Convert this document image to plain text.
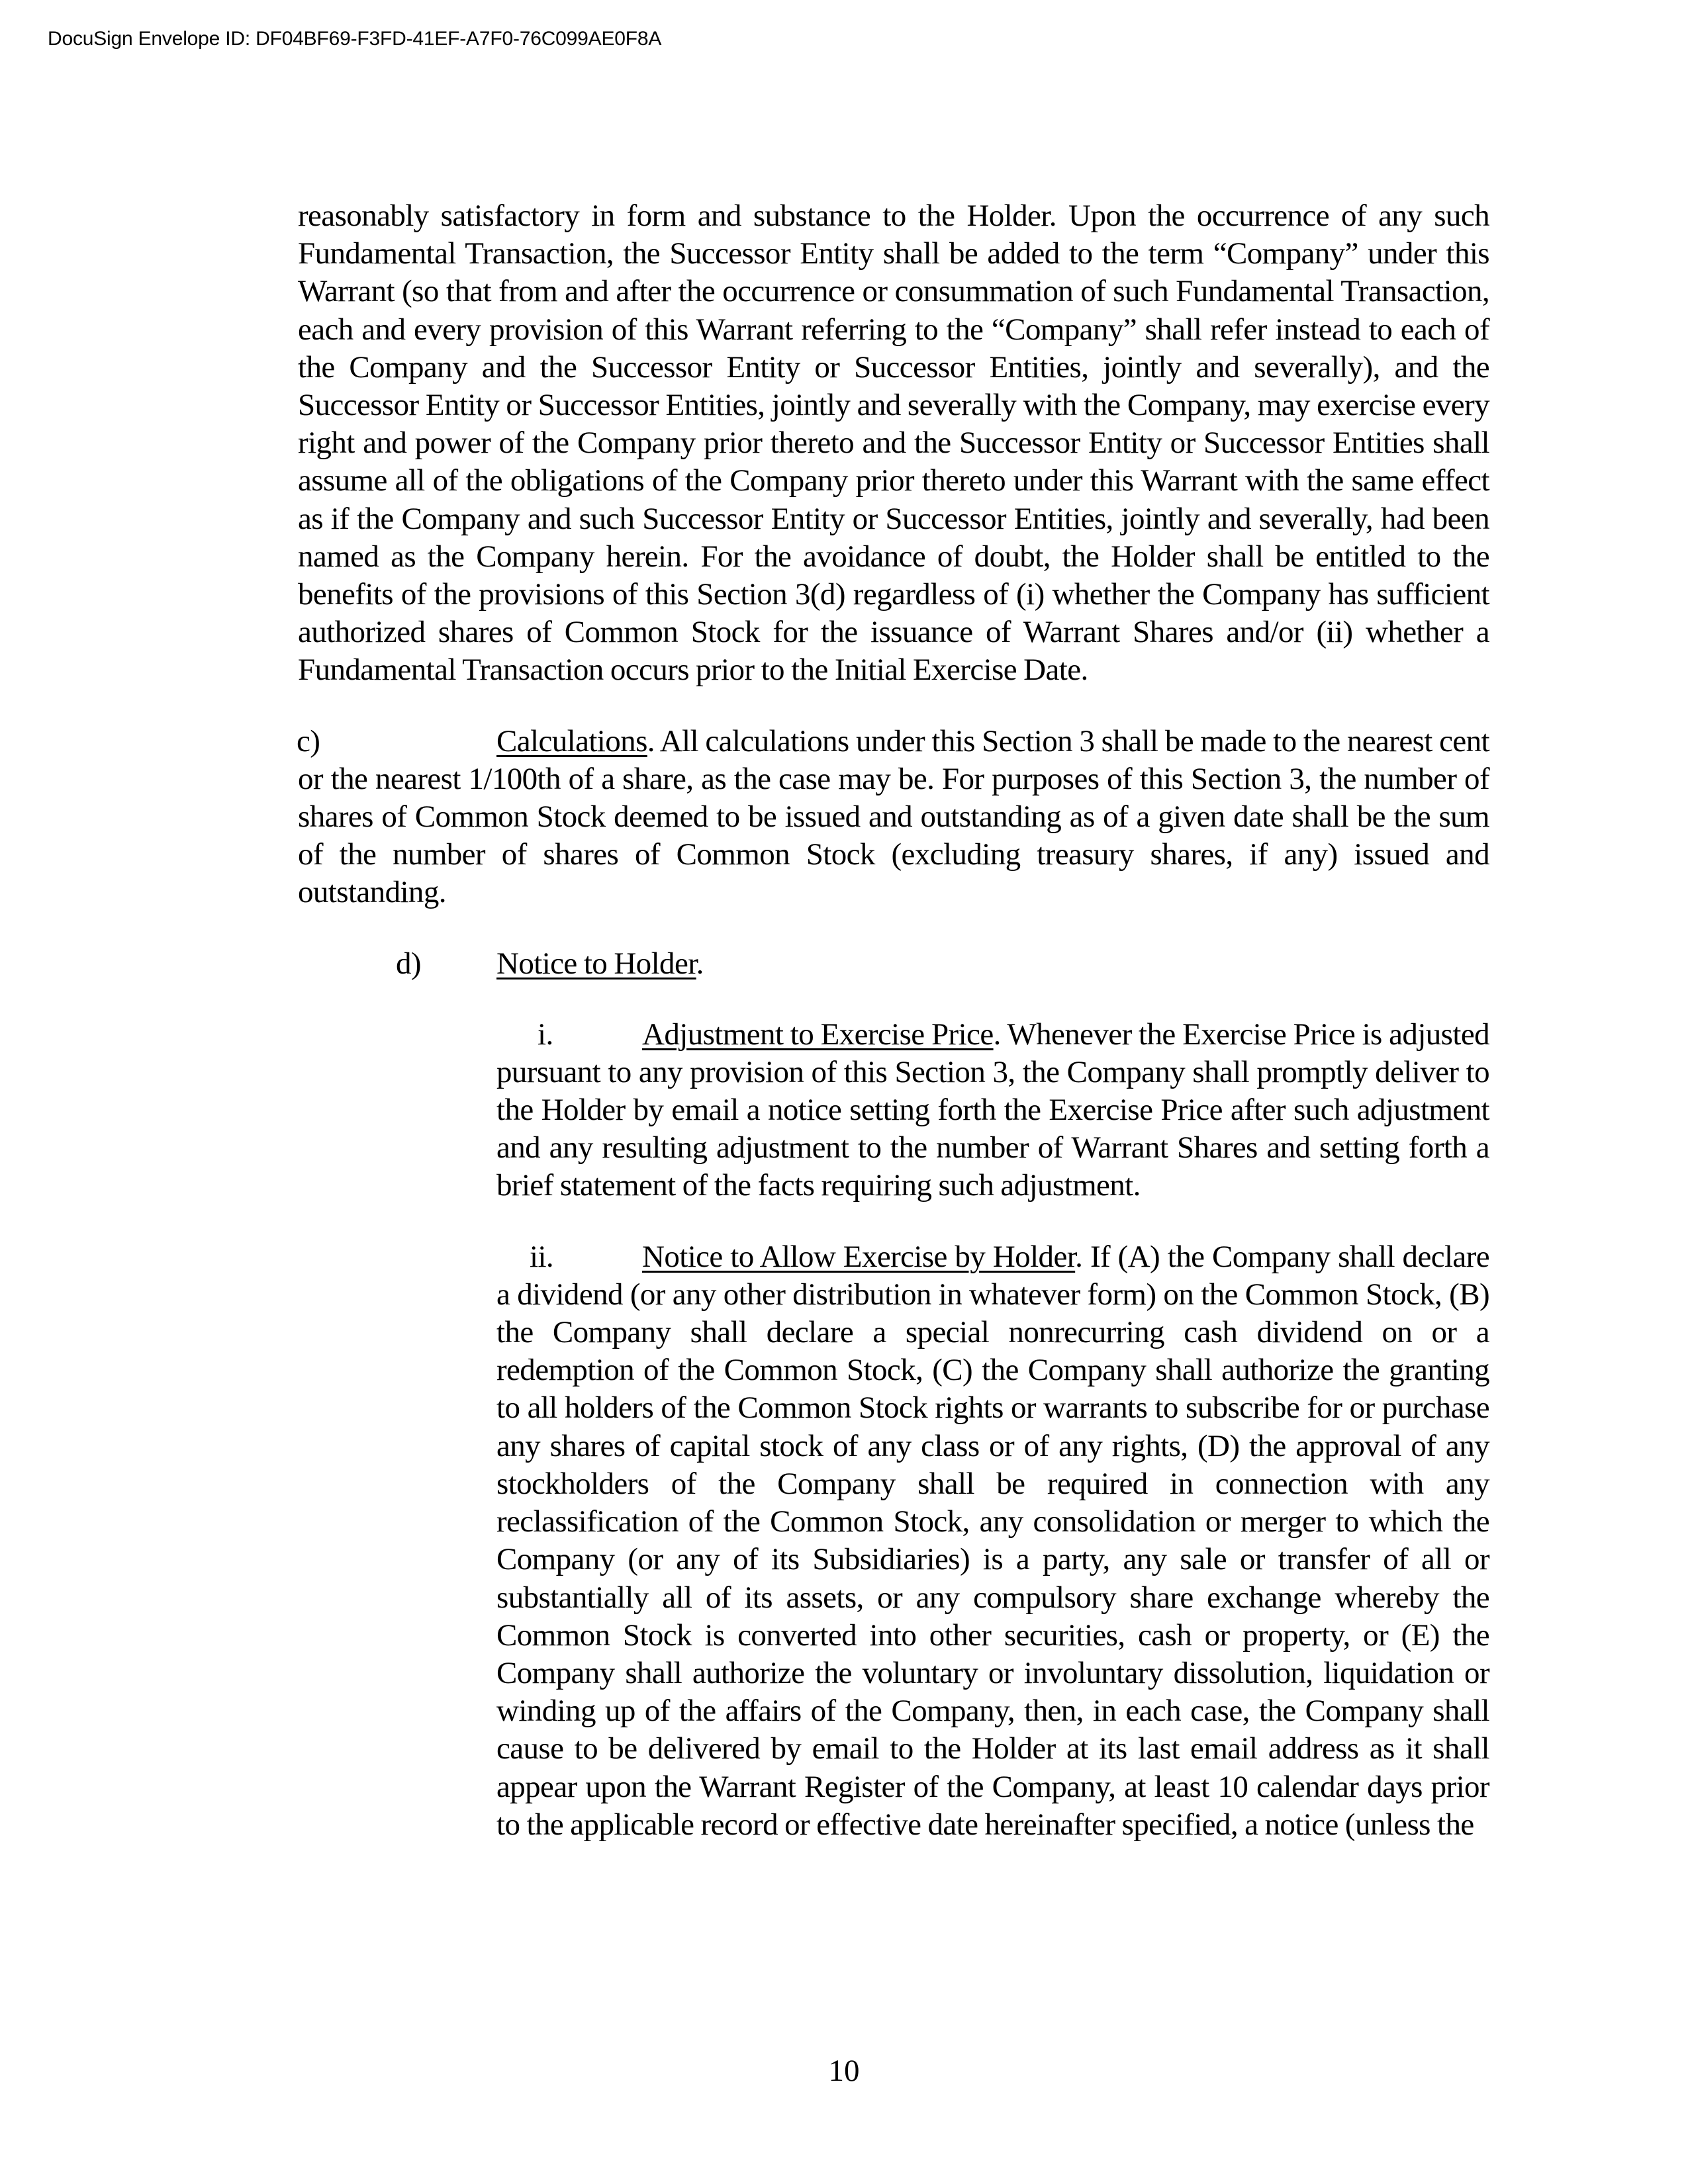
DocuSign Envelope ID: DF04BF69-F3FD-41EF-A7F0-76C099AE0F8A

reasonably satisfactory in form and substance to the Holder. Upon the occurrence of any such Fundamental Transaction, the Successor Entity shall be added to the term “Company” under this Warrant (so that from and after the occurrence or consummation of such Fundamental Transaction, each and every provision of this Warrant referring to the “Company” shall refer instead to each of the Company and the Successor Entity or Successor Entities, jointly and severally), and the Successor Entity or Successor Entities, jointly and severally with the Company, may exercise every right and power of the Company prior thereto and the Successor Entity or Successor Entities shall assume all of the obligations of the Company prior thereto under this Warrant with the same effect as if the Company and such Successor Entity or Successor Entities, jointly and severally, had been named as the Company herein. For the avoidance of doubt, the Holder shall be entitled to the benefits of the provisions of this Section 3(d) regardless of (i) whether the Company has sufficient authorized shares of Common Stock for the issuance of Warrant Shares and/or (ii) whether a Fundamental Transaction occurs prior to the Initial Exercise Date.

c)	Calculations. All calculations under this Section 3 shall be made to the nearest cent or the nearest 1/100th of a share, as the case may be. For purposes of this Section 3, the number of shares of Common Stock deemed to be issued and outstanding as of a given date shall be the sum of the number of shares of Common Stock (excluding treasury shares, if any) issued and outstanding.

d) Notice to Holder.

i.	Adjustment to Exercise Price. Whenever the Exercise Price is adjusted pursuant to any provision of this Section 3, the Company shall promptly deliver to the Holder by email a notice setting forth the Exercise Price after such adjustment and any resulting adjustment to the number of Warrant Shares and setting forth a brief statement of the facts requiring such adjustment.

ii.	Notice to Allow Exercise by Holder. If (A) the Company shall declare a dividend (or any other distribution in whatever form) on the Common Stock, (B) the Company shall declare a special nonrecurring cash dividend on or a redemption of the Common Stock, (C) the Company shall authorize the granting to all holders of the Common Stock rights or warrants to subscribe for or purchase any shares of capital stock of any class or of any rights, (D) the approval of any stockholders of the Company shall be required in connection with any reclassification of the Common Stock, any consolidation or merger to which the Company (or any of its Subsidiaries) is a party, any sale or transfer of all or substantially all of its assets, or any compulsory share exchange whereby the Common Stock is converted into other securities, cash or property, or (E) the Company shall authorize the voluntary or involuntary dissolution, liquidation or winding up of the affairs of the Company, then, in each case, the Company shall cause to be delivered by email to the Holder at its last email address as it shall appear upon the Warrant Register of the Company, at least 10 calendar days prior to the applicable record or effective date hereinafter specified, a notice (unless the

10
